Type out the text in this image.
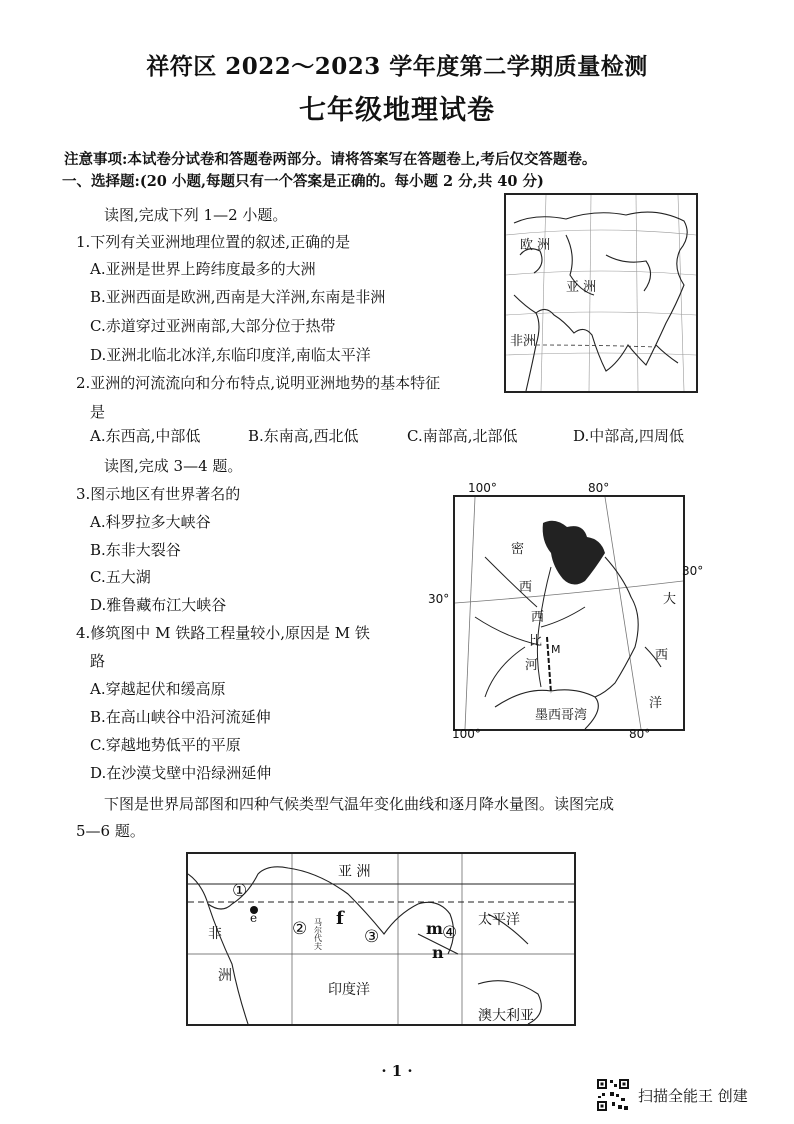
祥符区 2022～2023 学年度第二学期质量检测
七年级地理试卷
注意事项:本试卷分试卷和答题卷两部分。请将答案写在答题卷上,考后仅交答题卷。
一、选择题:(20 小题,每题只有一个答案是正确的。每小题 2 分,共 40 分)
读图,完成下列 1—2 小题。
1.下列有关亚洲地理位置的叙述,正确的是
A.亚洲是世界上跨纬度最多的大洲
B.亚洲西面是欧洲,西南是大洋洲,东南是非洲
C.赤道穿过亚洲南部,大部分位于热带
D.亚洲北临北冰洋,东临印度洋,南临太平洋
2.亚洲的河流流向和分布特点,说明亚洲地势的基本特征
是
A.东西高,中部低	B.东南高,西北低	C.南部高,北部低	D.中部高,四周低
读图,完成 3—4 题。
3.图示地区有世界著名的
A.科罗拉多大峡谷
B.东非大裂谷
C.五大湖
D.雅鲁藏布江大峡谷
4.修筑图中 M 铁路工程量较小,原因是 M 铁
路
A.穿越起伏和缓高原
B.在高山峡谷中沿河流延伸
C.穿越地势低平的平原
D.在沙漠戈壁中沿绿洲延伸
下图是世界局部图和四种气候类型气温年变化曲线和逐月降水量图。读图完成
5—6 题。
欧 洲
亚 洲
非洲
M
密
西
西
比
河
墨西哥湾
大
西
洋
100°	80°
100°	80°
30°
30°
e	f	m
n
①
②	③	④
亚 洲
非
洲
印度洋
太平洋
澳大利亚
马尔代夫
· 1 ·
扫描全能王 创建
